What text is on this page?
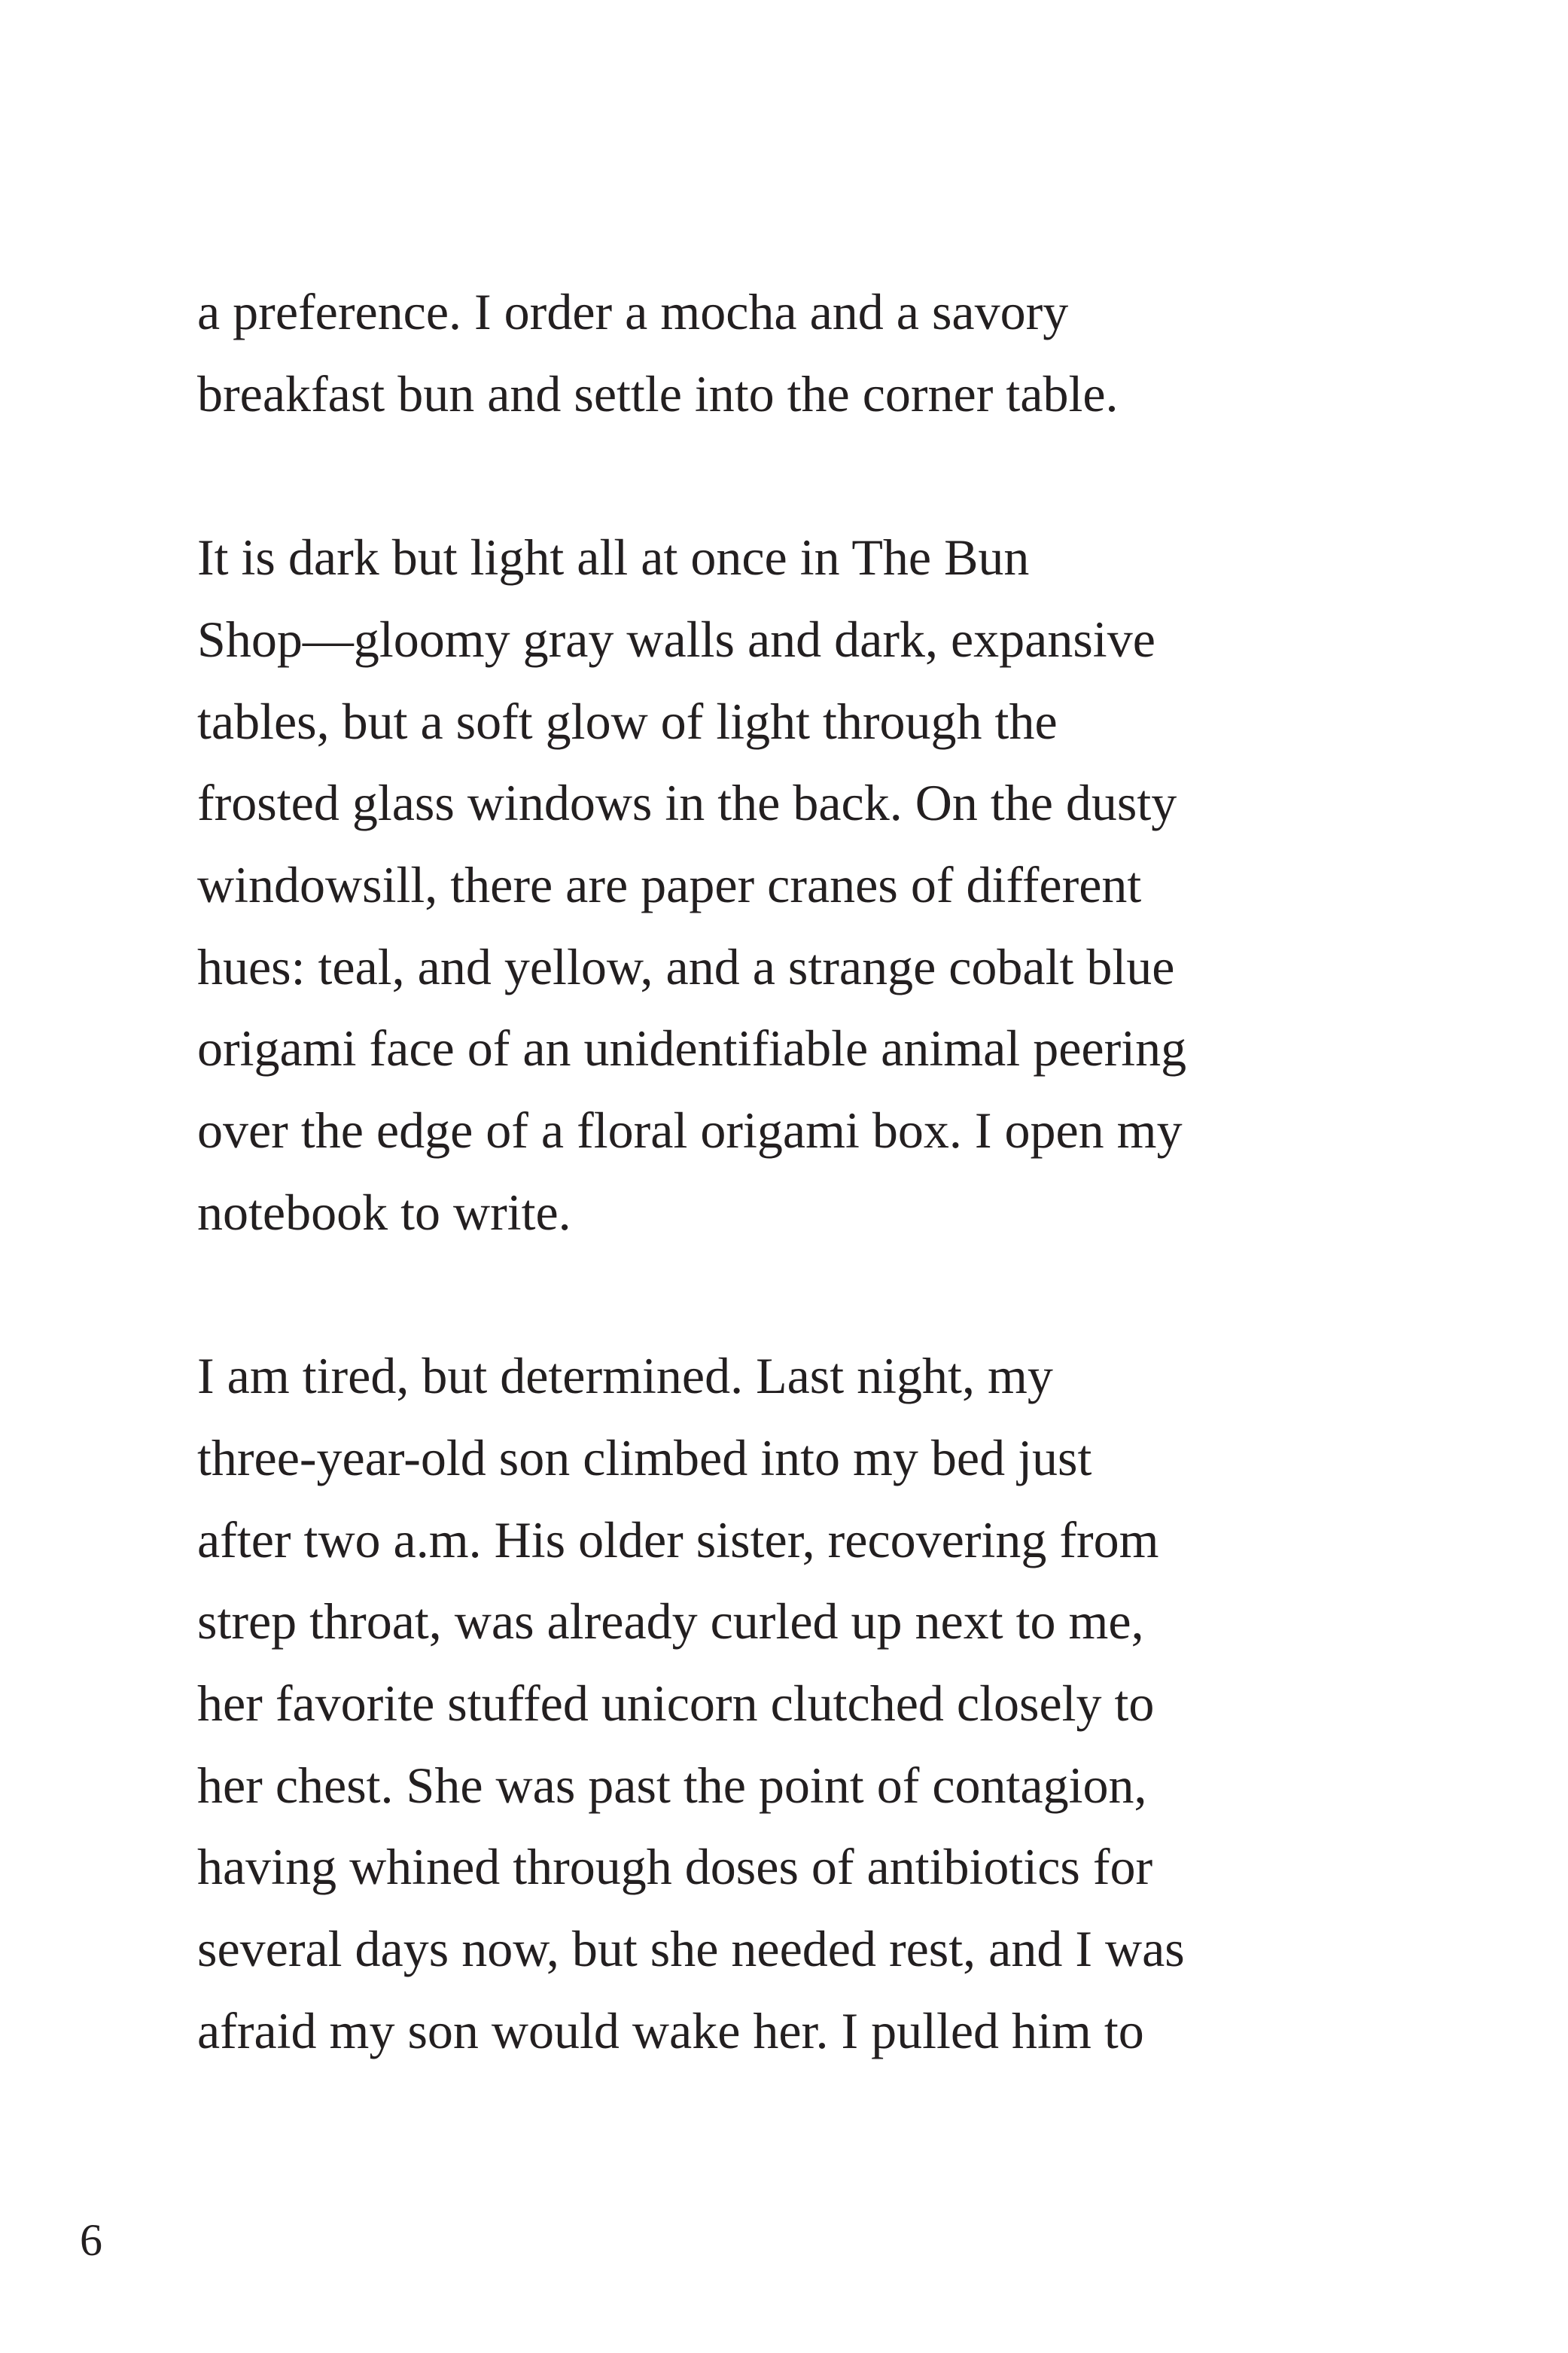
a preference. I order a mocha and a savory
breakfast bun and settle into the corner table.
It is dark but light all at once in The Bun
Shop—gloomy gray walls and dark, expansive
tables, but a soft glow of light through the
frosted glass windows in the back. On the dusty
windowsill, there are paper cranes of different
hues: teal, and yellow, and a strange cobalt blue
origami face of an unidentifiable animal peering
over the edge of a floral origami box. I open my
notebook to write.
I am tired, but determined. Last night, my
three-year-old son climbed into my bed just
after two a.m. His older sister, recovering from
strep throat, was already curled up next to me,
her favorite stuffed unicorn clutched closely to
her chest. She was past the point of contagion,
having whined through doses of antibiotics for
several days now, but she needed rest, and I was
afraid my son would wake her. I pulled him to
6
